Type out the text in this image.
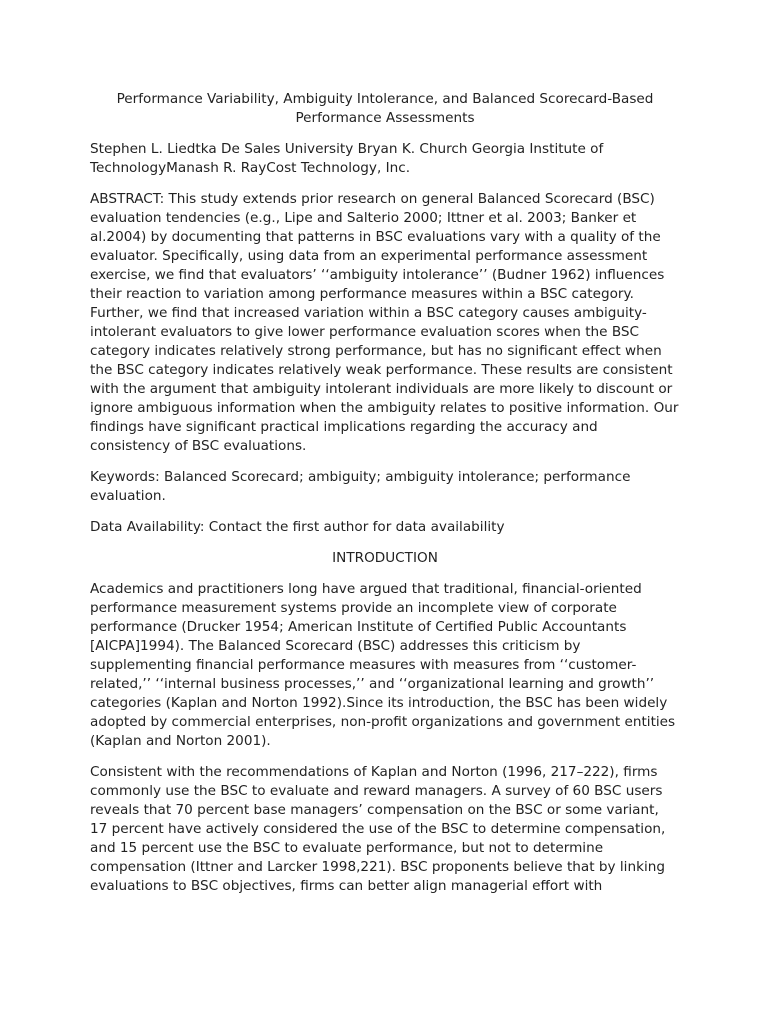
Performance Variability, Ambiguity Intolerance, and Balanced Scorecard-Based
Performance Assessments

Stephen L. Liedtka De Sales University Bryan K. Church Georgia Institute of TechnologyManash R. RayCost Technology, Inc.

ABSTRACT: This study extends prior research on general Balanced Scorecard (BSC) evaluation tendencies (e.g., Lipe and Salterio 2000; Ittner et al. 2003; Banker et al.2004) by documenting that patterns in BSC evaluations vary with a quality of the evaluator. Specifically, using data from an experimental performance assessment exercise, we find that evaluators’ ‘‘ambiguity intolerance’’ (Budner 1962) influences their reaction to variation among performance measures within a BSC category. Further, we find that increased variation within a BSC category causes ambiguity-intolerant evaluators to give lower performance evaluation scores when the BSC category indicates relatively strong performance, but has no significant effect when the BSC category indicates relatively weak performance. These results are consistent with the argument that ambiguity intolerant individuals are more likely to discount or ignore ambiguous information when the ambiguity relates to positive information. Our findings have significant practical implications regarding the accuracy and consistency of BSC evaluations.

Keywords: Balanced Scorecard; ambiguity; ambiguity intolerance; performance evaluation.

Data Availability: Contact the first author for data availability

INTRODUCTION

Academics and practitioners long have argued that traditional, financial-oriented performance measurement systems provide an incomplete view of corporate performance (Drucker 1954; American Institute of Certified Public Accountants [AICPA]1994). The Balanced Scorecard (BSC) addresses this criticism by supplementing financial performance measures with measures from ‘‘customer-related,’’ ‘‘internal business processes,’’ and ‘‘organizational learning and growth’’ categories (Kaplan and Norton 1992).Since its introduction, the BSC has been widely adopted by commercial enterprises, non-profit organizations and government entities (Kaplan and Norton 2001).

Consistent with the recommendations of Kaplan and Norton (1996, 217–222), firms commonly use the BSC to evaluate and reward managers. A survey of 60 BSC users reveals that 70 percent base managers’ compensation on the BSC or some variant, 17 percent have actively considered the use of the BSC to determine compensation, and 15 percent use the BSC to evaluate performance, but not to determine compensation (Ittner and Larcker 1998,221). BSC proponents believe that by linking evaluations to BSC objectives, firms can better align managerial effort with
